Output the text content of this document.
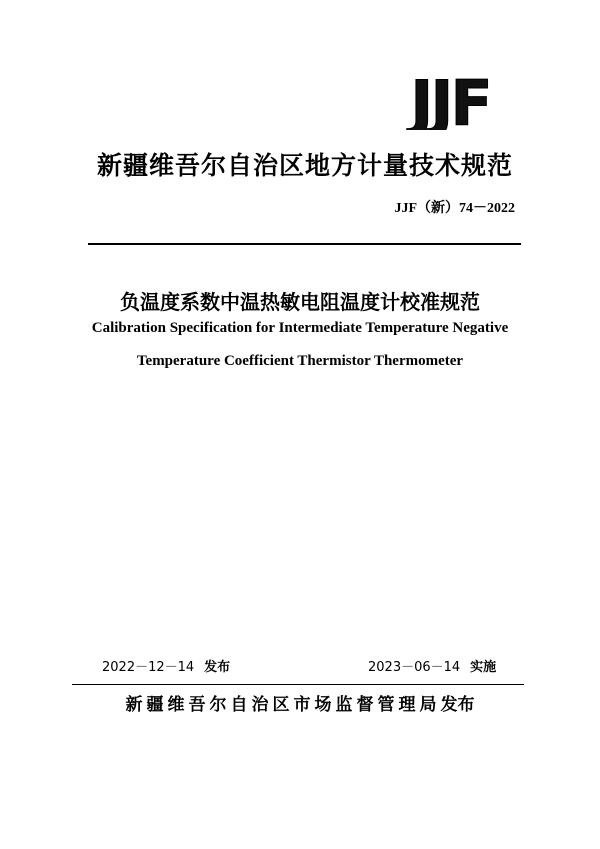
JJF
新疆维吾尔自治区地方计量技术规范
JJF（新）74－2022
负温度系数中温热敏电阻温度计校准规范
Calibration Specification for Intermediate Temperature Negative
Temperature Coefficient Thermistor Thermometer
2022－12－14 发布	2023－06－14 实施
新疆维吾尔自治区市场监督管理局发布
